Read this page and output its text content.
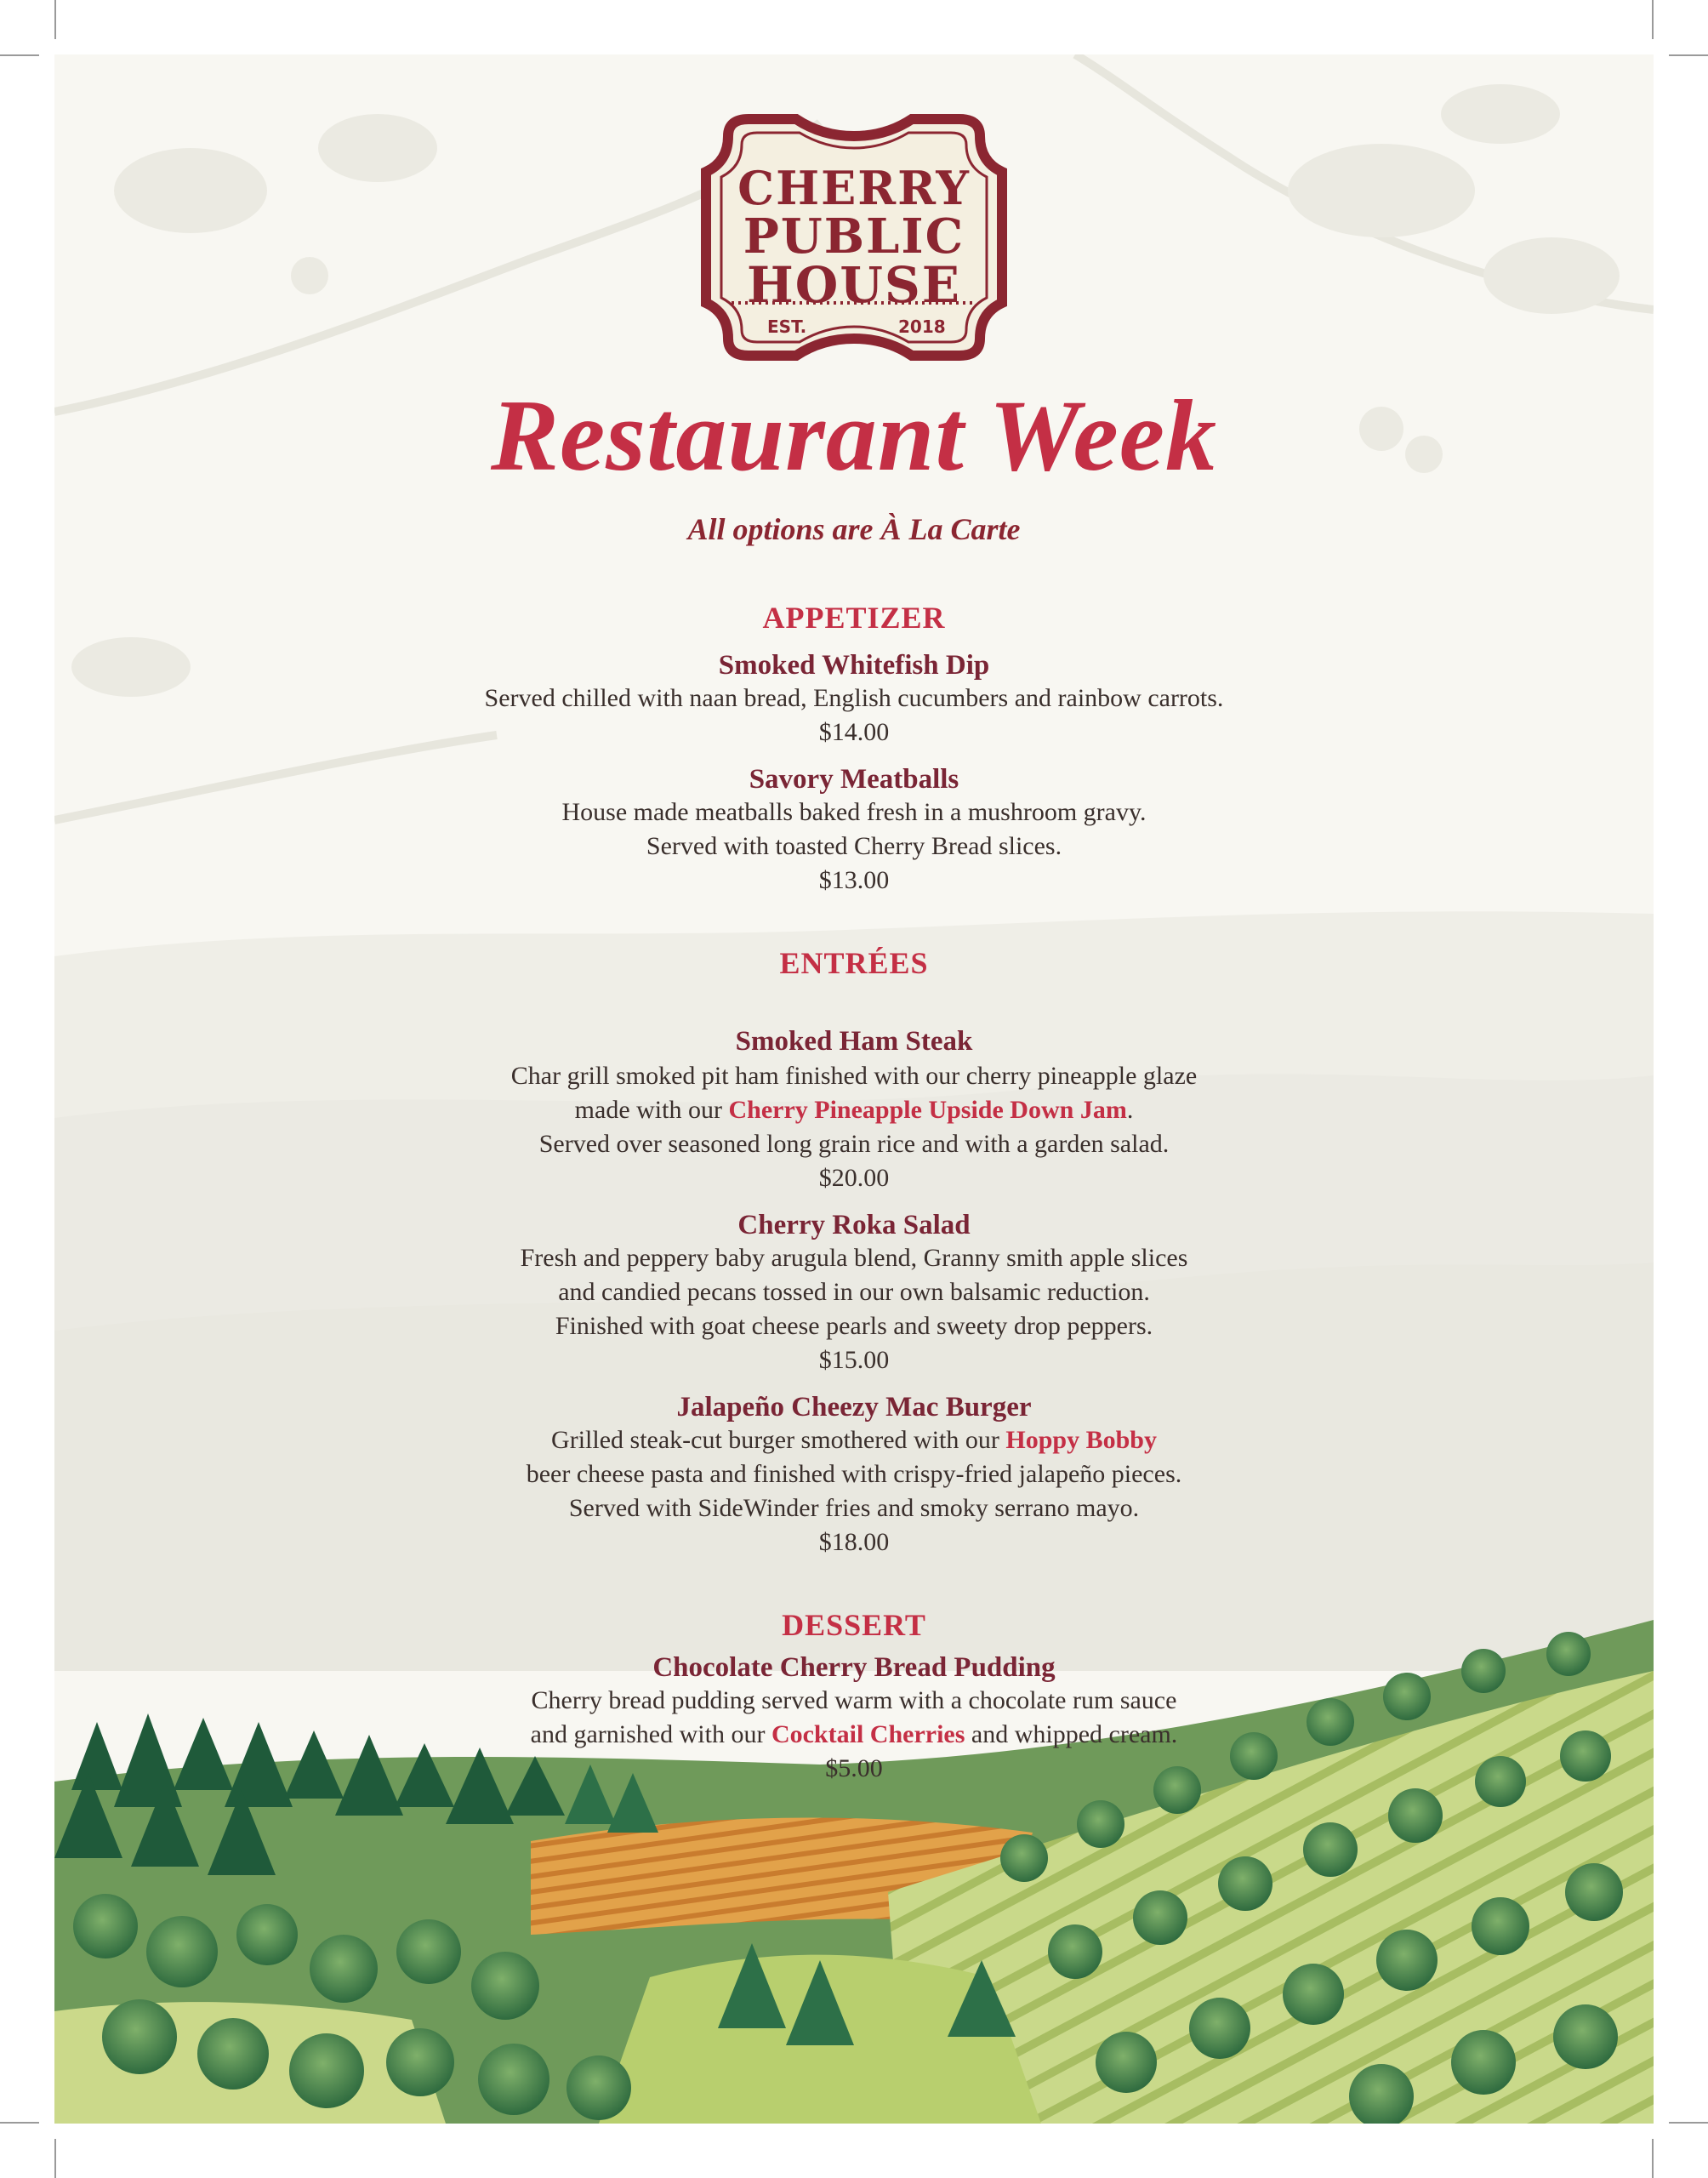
CHERRY
PUBLIC
HOUSE
EST.	2018
Restaurant Week
All options are À La Carte
APPETIZER
Smoked Whitefish Dip
Served chilled with naan bread, English cucumbers and rainbow carrots.
$14.00
Savory Meatballs
House made meatballs baked fresh in a mushroom gravy.
Served with toasted Cherry Bread slices.
$13.00
ENTRÉES
Smoked Ham Steak
Char grill smoked pit ham finished with our cherry pineapple glaze
made with our Cherry Pineapple Upside Down Jam.
Served over seasoned long grain rice and with a garden salad.
$20.00
Cherry Roka Salad
Fresh and peppery baby arugula blend, Granny smith apple slices
and candied pecans tossed in our own balsamic reduction.
Finished with goat cheese pearls and sweety drop peppers.
$15.00
Jalapeño Cheezy Mac Burger
Grilled steak-cut burger smothered with our Hoppy Bobby
beer cheese pasta and finished with crispy-fried jalapeño pieces.
Served with SideWinder fries and smoky serrano mayo.
$18.00
DESSERT
Chocolate Cherry Bread Pudding
Cherry bread pudding served warm with a chocolate rum sauce
and garnished with our Cocktail Cherries and whipped cream.
$5.00
